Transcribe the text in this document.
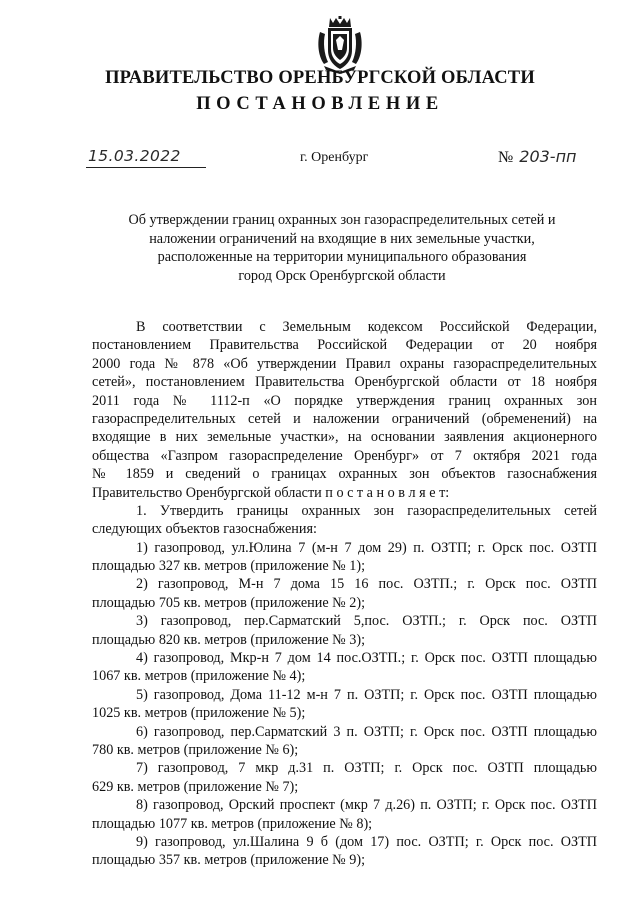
ПРАВИТЕЛЬСТВО ОРЕНБУРГСКОЙ ОБЛАСТИ
ПОСТАНОВЛЕНИЕ
15.03.2022	г. Оренбург	№ 203-пп
Об утверждении границ охранных зон газораспределительных сетей и
наложении ограничений на входящие в них земельные участки,
расположенные на территории муниципального образования
город Орск Оренбургской области
В соответствии с Земельным кодексом Российской Федерации,
постановлением Правительства Российской Федерации от 20 ноября
2000 года № 878 «Об утверждении Правил охраны газораспределительных
сетей», постановлением Правительства Оренбургской области от 18 ноября
2011 года № 1112-п «О порядке утверждения границ охранных зон
газораспределительных сетей и наложении ограничений (обременений) на
входящие в них земельные участки», на основании заявления акционерного
общества «Газпром газораспределение Оренбург» от 7 октября 2021 года
№ 1859 и сведений о границах охранных зон объектов газоснабжения
Правительство Оренбургской области п о с т а н о в л я е т:
1. Утвердить границы охранных зон газораспределительных сетей
следующих объектов газоснабжения:
1) газопровод, ул.Юлина 7 (м-н 7 дом 29) п. ОЗТП; г. Орск пос. ОЗТП
площадью 327 кв. метров (приложение № 1);
2) газопровод, М-н 7 дома 15 16 пос. ОЗТП.; г. Орск пос. ОЗТП
площадью 705 кв. метров (приложение № 2);
3) газопровод, пер.Сарматский 5,пос. ОЗТП.; г. Орск пос. ОЗТП
площадью 820 кв. метров (приложение № 3);
4) газопровод, Мкр-н 7 дом 14 пос.ОЗТП.; г. Орск пос. ОЗТП площадью
1067 кв. метров (приложение № 4);
5) газопровод, Дома 11-12 м-н 7 п. ОЗТП; г. Орск пос. ОЗТП площадью
1025 кв. метров (приложение № 5);
6) газопровод, пер.Сарматский 3 п. ОЗТП; г. Орск пос. ОЗТП площадью
780 кв. метров (приложение № 6);
7) газопровод, 7 мкр д.31 п. ОЗТП; г. Орск пос. ОЗТП площадью
629 кв. метров (приложение № 7);
8) газопровод, Орский проспект (мкр 7 д.26) п. ОЗТП; г. Орск пос. ОЗТП
площадью 1077 кв. метров (приложение № 8);
9) газопровод, ул.Шалина 9 б (дом 17) пос. ОЗТП; г. Орск пос. ОЗТП
площадью 357 кв. метров (приложение № 9);
